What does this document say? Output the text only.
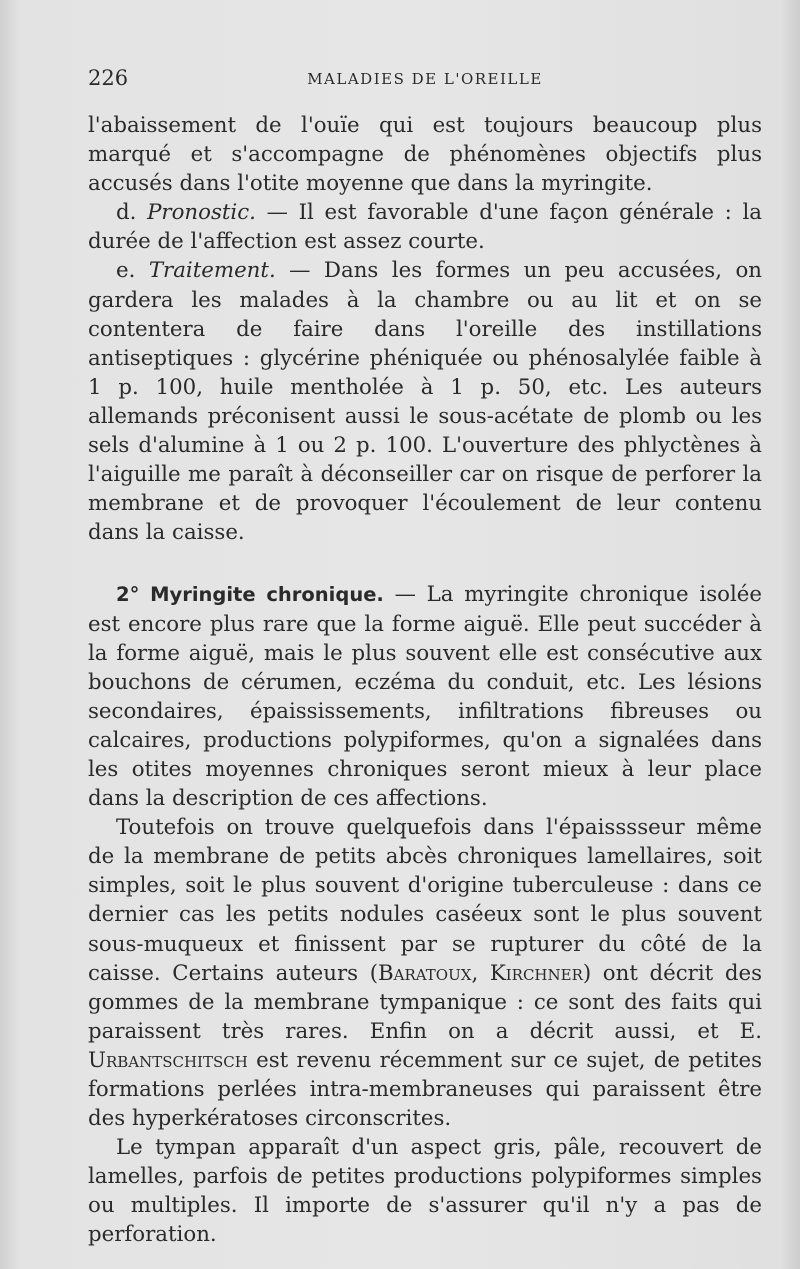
226	MALADIES DE L'OREILLE

l'abaissement de l'ouïe qui est toujours beaucoup plus marqué et s'accompagne de phénomènes objectifs plus accusés dans l'otite moyenne que dans la myringite.

d. Pronostic. — Il est favorable d'une façon générale : la durée de l'affection est assez courte.

e. Traitement. — Dans les formes un peu accusées, on gardera les malades à la chambre ou au lit et on se contentera de faire dans l'oreille des instillations antiseptiques : glycérine phéniquée ou phénosalylée faible à 1 p. 100, huile mentholée à 1 p. 50, etc. Les auteurs allemands préconisent aussi le sous-acétate de plomb ou les sels d'alumine à 1 ou 2 p. 100. L'ouverture des phlyctènes à l'aiguille me paraît à déconseiller car on risque de perforer la membrane et de provoquer l'écoulement de leur contenu dans la caisse.

2° Myringite chronique. — La myringite chronique isolée est encore plus rare que la forme aiguë. Elle peut succéder à la forme aiguë, mais le plus souvent elle est consécutive aux bouchons de cérumen, eczéma du conduit, etc. Les lésions secondaires, épaississements, infiltrations fibreuses ou calcaires, productions polypiformes, qu'on a signalées dans les otites moyennes chroniques seront mieux à leur place dans la description de ces affections.

Toutefois on trouve quelquefois dans l'épaisssseur même de la membrane de petits abcès chroniques lamellaires, soit simples, soit le plus souvent d'origine tuberculeuse : dans ce dernier cas les petits nodules caséeux sont le plus souvent sous-muqueux et finissent par se rupturer du côté de la caisse. Certains auteurs (Baratoux, Kirchner) ont décrit des gommes de la membrane tympanique : ce sont des faits qui paraissent très rares. Enfin on a décrit aussi, et E. Urbantschitsch est revenu récemment sur ce sujet, de petites formations perlées intra-membraneuses qui paraissent être des hyperkératoses circonscrites.

Le tympan apparaît d'un aspect gris, pâle, recouvert de lamelles, parfois de petites productions polypiformes simples ou multiples. Il importe de s'assurer qu'il n'y a pas de perforation.
